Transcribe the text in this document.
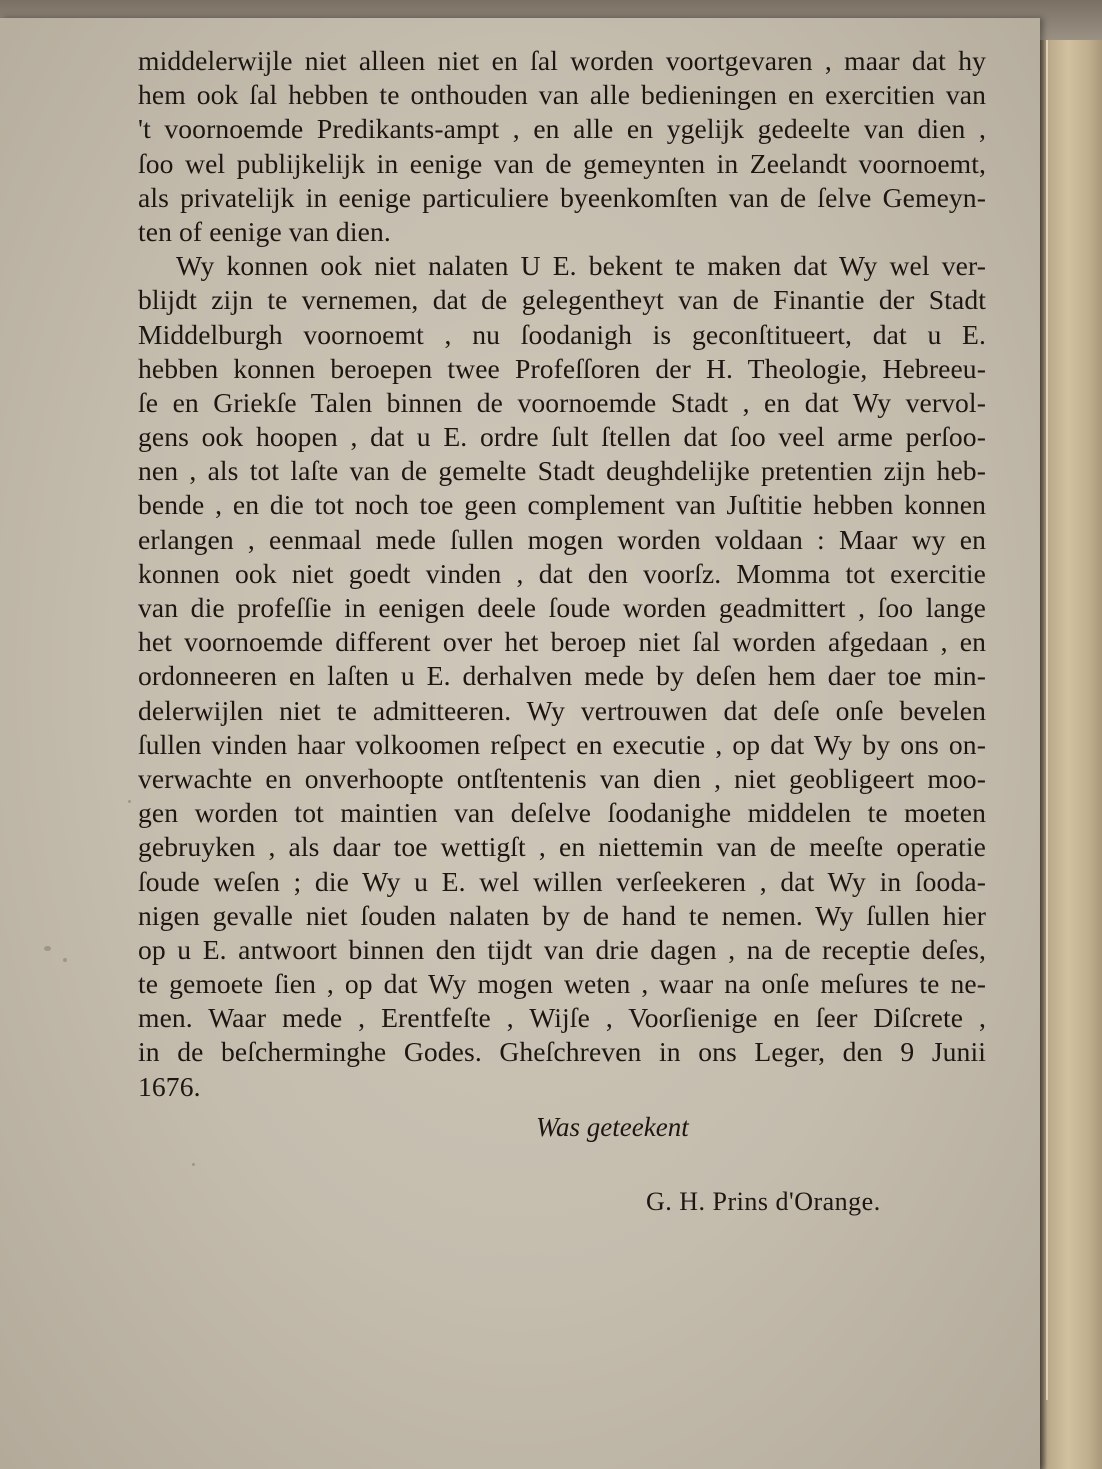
middelerwijle niet alleen niet en ſal worden voortgevaren , maar dat hy
hem ook ſal hebben te onthouden van alle bedieningen en exercitien van
't voornoemde Predikants-ampt , en alle en ygelijk gedeelte van dien ,
ſoo wel publijkelijk in eenige van de gemeynten in Zeelandt voornoemt,
als privatelijk in eenige particuliere byeenkomſten van de ſelve Gemeyn-
ten of eenige van dien.
Wy konnen ook niet nalaten U E. bekent te maken dat Wy wel ver-
blijdt zijn te vernemen, dat de gelegentheyt van de Finantie der Stadt
Middelburgh voornoemt , nu ſoodanigh is geconſtitueert, dat u E.
hebben konnen beroepen twee Profeſſoren der H. Theologie, Hebreeu-
ſe en Griekſe Talen binnen de voornoemde Stadt , en dat Wy vervol-
gens ook hoopen , dat u E. ordre ſult ſtellen dat ſoo veel arme perſoo-
nen , als tot laſte van de gemelte Stadt deughdelijke pretentien zijn heb-
bende , en die tot noch toe geen complement van Juſtitie hebben konnen
erlangen , eenmaal mede ſullen mogen worden voldaan : Maar wy en
konnen ook niet goedt vinden , dat den voorſz. Momma tot exercitie
van die profeſſie in eenigen deele ſoude worden geadmittert , ſoo lange
het voornoemde different over het beroep niet ſal worden afgedaan , en
ordonneeren en laſten u E. derhalven mede by deſen hem daer toe min-
delerwijlen niet te admitteeren. Wy vertrouwen dat deſe onſe bevelen
ſullen vinden haar volkoomen reſpect en executie , op dat Wy by ons on-
verwachte en onverhoopte ontſtentenis van dien , niet geobligeert moo-
gen worden tot maintien van deſelve ſoodanighe middelen te moeten
gebruyken , als daar toe wettigſt , en niettemin van de meeſte operatie
ſoude weſen ; die Wy u E. wel willen verſeekeren , dat Wy in ſooda-
nigen gevalle niet ſouden nalaten by de hand te nemen. Wy ſullen hier
op u E. antwoort binnen den tijdt van drie dagen , na de receptie deſes,
te gemoete ſien , op dat Wy mogen weten , waar na onſe meſures te ne-
men. Waar mede , Erentfeſte , Wijſe , Voorſienige en ſeer Diſcrete ,
in de beſcherminghe Godes. Gheſchreven in ons Leger, den 9 Junii
1676.
Was geteekent
G. H. Prins d'Orange.
